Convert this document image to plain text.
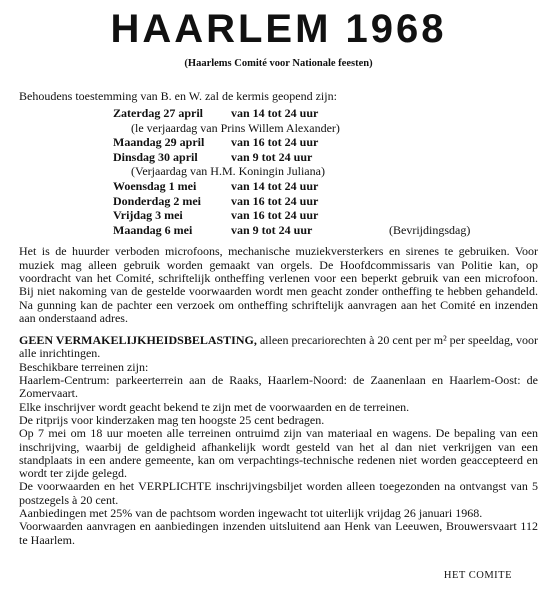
HAARLEM 1968
(Haarlems Comité voor Nationale feesten)
Behoudens toestemming van B. en W. zal de kermis geopend zijn:
Zaterdag 27 april van 14 tot 24 uur
(le verjaardag van Prins Willem Alexander)
Maandag 29 april van 16 tot 24 uur
Dinsdag 30 april	van 9 tot 24 uur
(Verjaardag van H.M. Koningin Juliana)
Woensdag 1 mei	van 14 tot 24 uur
Donderdag 2 mei	van 16 tot 24 uur
Vrijdag 3 mei	van 16 tot 24 uur
Maandag 6 mei	van 9 tot 24 uur	(Bevrijdingsdag)
Het is de huurder verboden microfoons, mechanische muziekversterkers en sirenes te gebruiken. Voor muziek mag alleen gebruik worden gemaakt van orgels. De Hoofdcommissaris van Politie kan, op voordracht van het Comité, schriftelijk ontheffing verlenen voor een beperkt gebruik van een microfoon. Bij niet nakoming van de gestelde voorwaarden wordt men geacht zonder ontheffing te hebben gehandeld. Na gunning kan de pachter een verzoek om ontheffing schriftelijk aanvragen aan het Comité en inzenden aan onderstaand adres.
GEEN VERMAKELIJKHEIDSBELASTING, alleen precariorechten à 20 cent per m² per speeldag, voor alle inrichtingen.
Beschikbare terreinen zijn:
Haarlem-Centrum: parkeerterrein aan de Raaks, Haarlem-Noord: de Zaanenlaan en Haarlem-Oost: de Zomervaart.
Elke inschrijver wordt geacht bekend te zijn met de voorwaarden en de terreinen.
De ritprijs voor kinderzaken mag ten hoogste 25 cent bedragen.
Op 7 mei om 18 uur moeten alle terreinen ontruimd zijn van materiaal en wagens. De bepaling van een inschrijving, waarbij de geldigheid afhankelijk wordt gesteld van het al dan niet verkrijgen van een standplaats in een andere gemeente, kan om verpachtings-technische redenen niet worden geaccepteerd en wordt ter zijde gelegd.
De voorwaarden en het VERPLICHTE inschrijvingsbiljet worden alleen toegezonden na ontvangst van 5 postzegels à 20 cent.
Aanbiedingen met 25% van de pachtsom worden ingewacht tot uiterlijk vrijdag 26 januari 1968.
Voorwaarden aanvragen en aanbiedingen inzenden uitsluitend aan Henk van Leeuwen, Brouwersvaart 112 te Haarlem.
HET COMITE
